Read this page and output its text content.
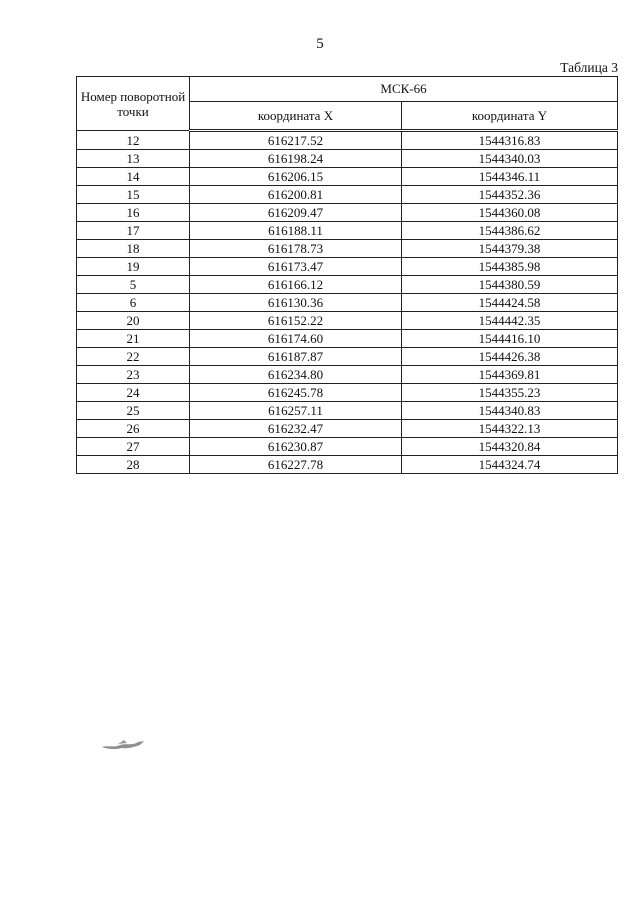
5
Таблица 3
Номер поворотной точки	МСК-66	
	координата X	координата Y
12	616217.52	1544316.83
13	616198.24	1544340.03
14	616206.15	1544346.11
15	616200.81	1544352.36
16	616209.47	1544360.08
17	616188.11	1544386.62
18	616178.73	1544379.38
19	616173.47	1544385.98
5	616166.12	1544380.59
6	616130.36	1544424.58
20	616152.22	1544442.35
21	616174.60	1544416.10
22	616187.87	1544426.38
23	616234.80	1544369.81
24	616245.78	1544355.23
25	616257.11	1544340.83
26	616232.47	1544322.13
27	616230.87	1544320.84
28	616227.78	1544324.74
